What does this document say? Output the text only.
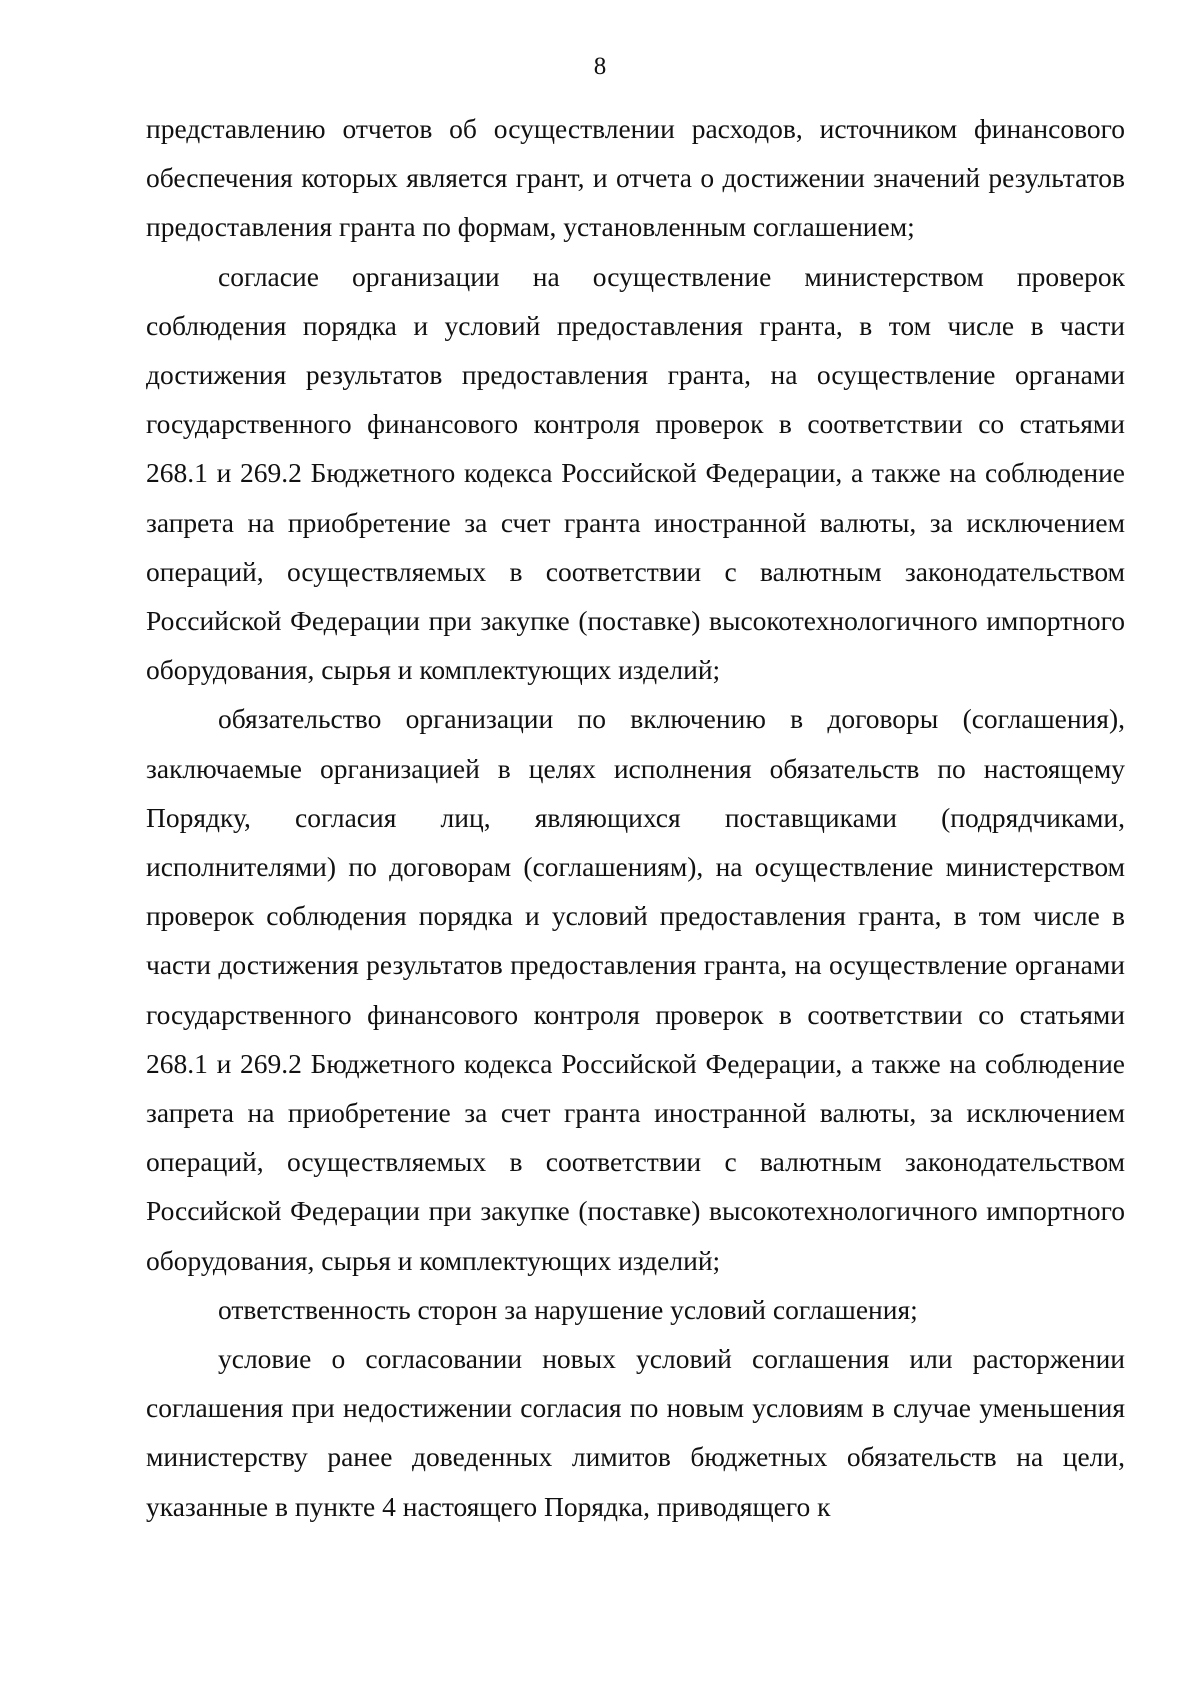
8

представлению отчетов об осуществлении расходов, источником финансового обеспечения которых является грант, и отчета о достижении значений результатов предоставления гранта по формам, установленным соглашением;

согласие организации на осуществление министерством проверок соблюдения порядка и условий предоставления гранта, в том числе в части достижения результатов предоставления гранта, на осуществление органами государственного финансового контроля проверок в соответствии со статьями 268.1 и 269.2 Бюджетного кодекса Российской Федерации, а также на соблюдение запрета на приобретение за счет гранта иностранной валюты, за исключением операций, осуществляемых в соответствии с валютным законодательством Российской Федерации при закупке (поставке) высокотехнологичного импортного оборудования, сырья и комплектующих изделий;

обязательство организации по включению в договоры (соглашения), заключаемые организацией в целях исполнения обязательств по настоящему Порядку, согласия лиц, являющихся поставщиками (подрядчиками, исполнителями) по договорам (соглашениям), на осуществление министерством проверок соблюдения порядка и условий предоставления гранта, в том числе в части достижения результатов предоставления гранта, на осуществление органами государственного финансового контроля проверок в соответствии со статьями 268.1 и 269.2 Бюджетного кодекса Российской Федерации, а также на соблюдение запрета на приобретение за счет гранта иностранной валюты, за исключением операций, осуществляемых в соответствии с валютным законодательством Российской Федерации при закупке (поставке) высокотехнологичного импортного оборудования, сырья и комплектующих изделий;

ответственность сторон за нарушение условий соглашения;

условие о согласовании новых условий соглашения или расторжении соглашения при недостижении согласия по новым условиям в случае уменьшения министерству ранее доведенных лимитов бюджетных обязательств на цели, указанные в пункте 4 настоящего Порядка, приводящего к
